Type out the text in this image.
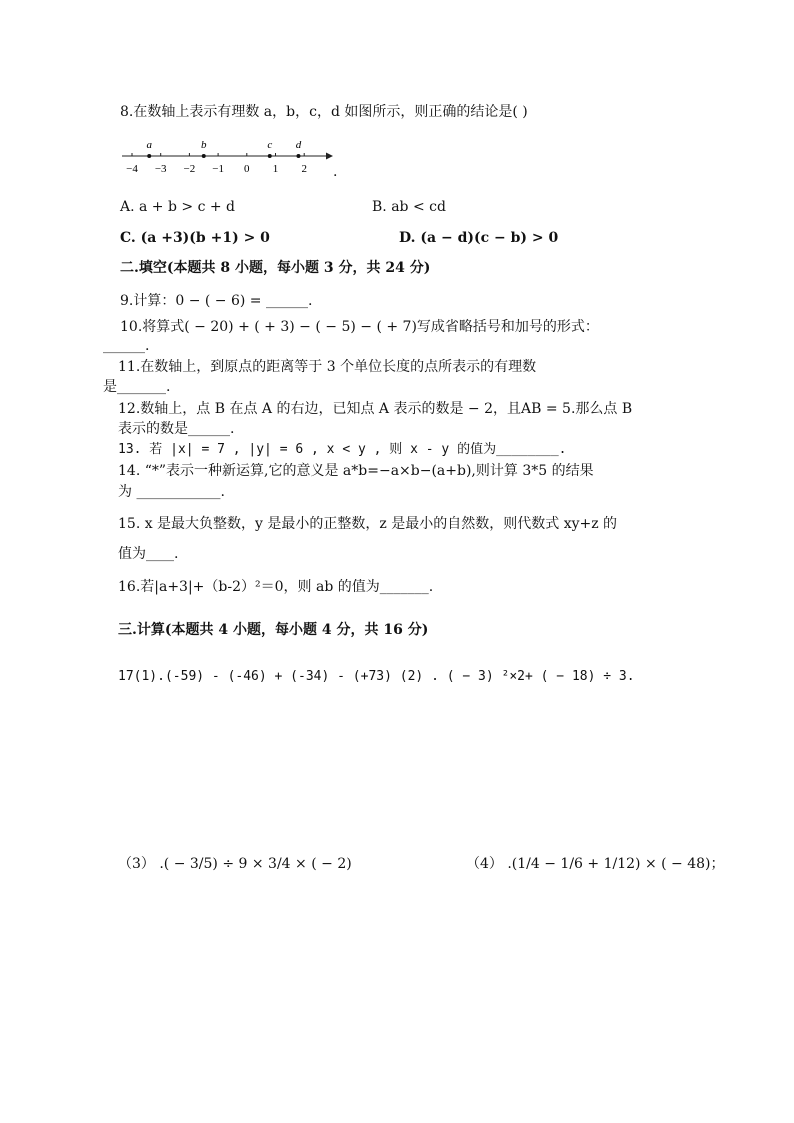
8.在数轴上表示有理数 a，b，c，d 如图所示，则正确的结论是( )
−4 −3 −2 −1 0 1 2
a	b	c d
.
A. a + b > c + d	B. ab < cd
C. (a +3)(b +1) > 0	D. (a − d)(c − b) > 0
二.填空(本题共 8 小题，每小题 3 分，共 24 分)
9.计算：0 − ( − 6) = ______.
10.将算式( − 20) + ( + 3) − ( − 5) − ( + 7)写成省略括号和加号的形式：
______.
11.在数轴上，到原点的距离等于 3 个单位长度的点所表示的有理数
是_______.
12.数轴上，点 B 在点 A 的右边，已知点 A 表示的数是 − 2，且AB = 5.那么点 B
表示的数是______.
13. 若 |x| = 7 , |y| = 6 , x < y , 则 x - y 的值为________.
14. “*”表示一种新运算,它的意义是 a*b=−a×b−(a+b),则计算 3*5 的结果
为 ____________.
15. x 是最大负整数，y 是最小的正整数，z 是最小的自然数，则代数式 xy+z 的
值为____.
16.若|a+3|+（b-2）²＝0，则 ab 的值为_______.
三.计算(本题共 4 小题，每小题 4 分，共 16 分)
17(1).(-59) - (-46) + (-34) - (+73) (2) . ( − 3) ²×2+ ( − 18) ÷ 3.
（3） .( − 3/5) ÷ 9 × 3/4 × ( − 2)	（4） .(1/4 − 1/6 + 1/12) × ( − 48)；
